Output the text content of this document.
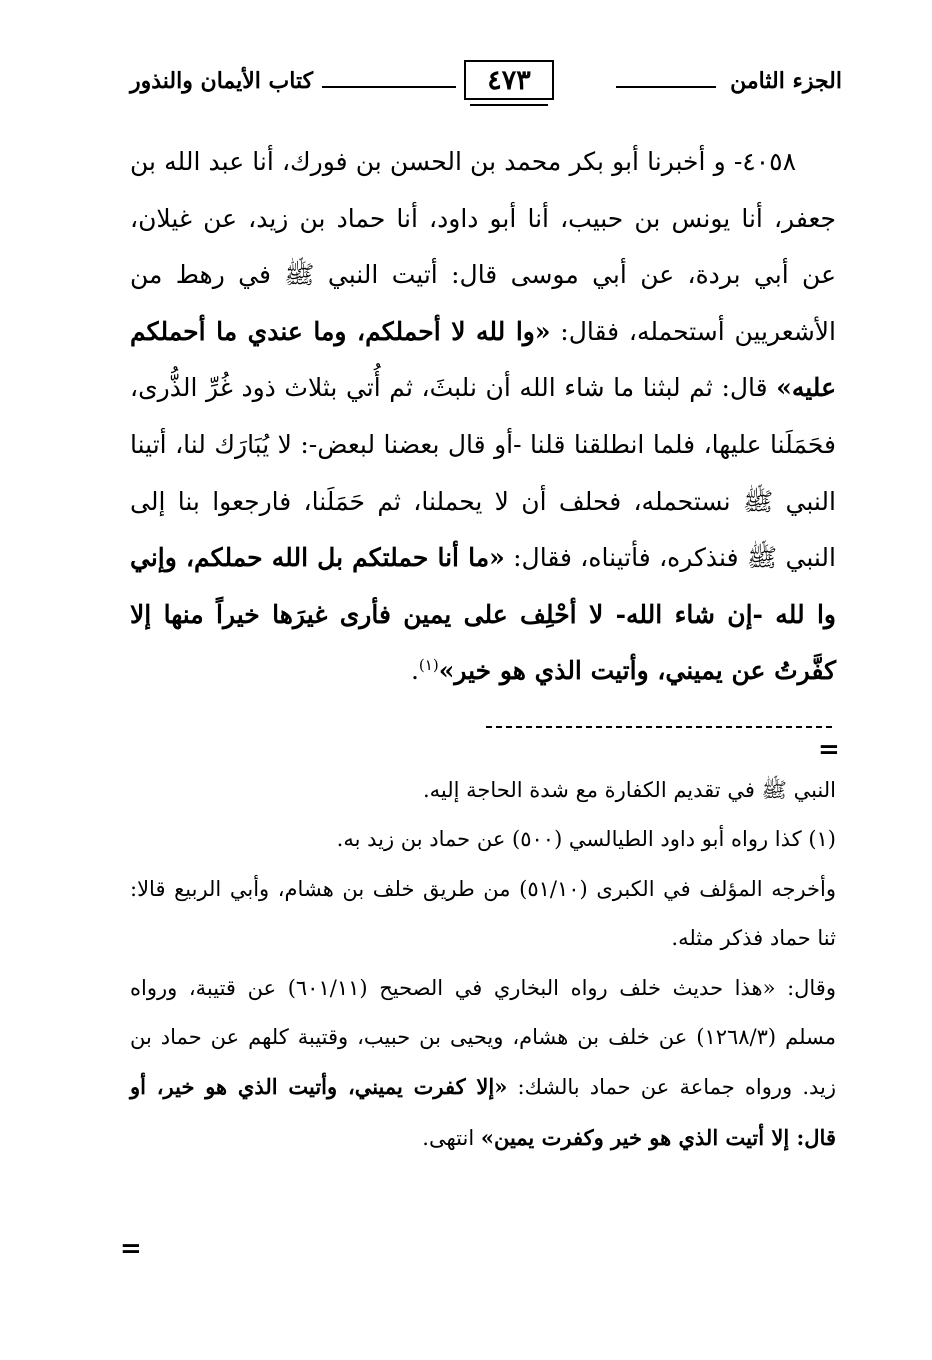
الجزء الثامن
٤٧٣
كتاب الأيمان والنذور

٤٠٥٨- و أخبرنا أبو بكر محمد بن الحسن بن فورك، أنا عبد الله بن جعفر، أنا يونس بن حبيب، أنا أبو داود، أنا حماد بن زيد، عن غيلان، عن أبي بردة، عن أبي موسى قال: أتيت النبي ﷺ في رهط من الأشعريين أستحمله، فقال: «وا لله لا أحملكم، وما عندي ما أحملكم عليه» قال: ثم لبثنا ما شاء الله أن نلبثَ، ثم أُتي بثلاث ذود غُرِّ الذُّرى، فحَمَلَنا عليها، فلما انطلقنا قلنا -أو قال بعضنا لبعض-: لا يُبَارَك لنا، أتينا النبي ﷺ نستحمله، فحلف أن لا يحملنا، ثم حَمَلَنا، فارجعوا بنا إلى النبي ﷺ فنذكره، فأتيناه، فقال: «ما أنا حملتكم بل الله حملكم، وإني وا لله -إن شاء الله- لا أحْلِف على يمين فأرى غيرَها خيراً منها إلا كفَّرتُ عن يميني، وأتيت الذي هو خير»$^{(١)}$.

=

النبي ﷺ في تقديم الكفارة مع شدة الحاجة إليه.

(١) كذا رواه أبو داود الطيالسي (٥٠٠) عن حماد بن زيد به.

وأخرجه المؤلف في الكبرى (٥١/١٠) من طريق خلف بن هشام، وأبي الربيع قالا: ثنا حماد فذكر مثله.

وقال: «هذا حديث خلف رواه البخاري في الصحيح (٦٠١/١١) عن قتيبة، ورواه مسلم (١٢٦٨/٣) عن خلف بن هشام، ويحيى بن حبيب، وقتيبة كلهم عن حماد بن زيد. ورواه جماعة عن حماد بالشك: «إلا كفرت يميني، وأتيت الذي هو خير، أو قال: إلا أتيت الذي هو خير وكفرت يمين» انتهى.

=
